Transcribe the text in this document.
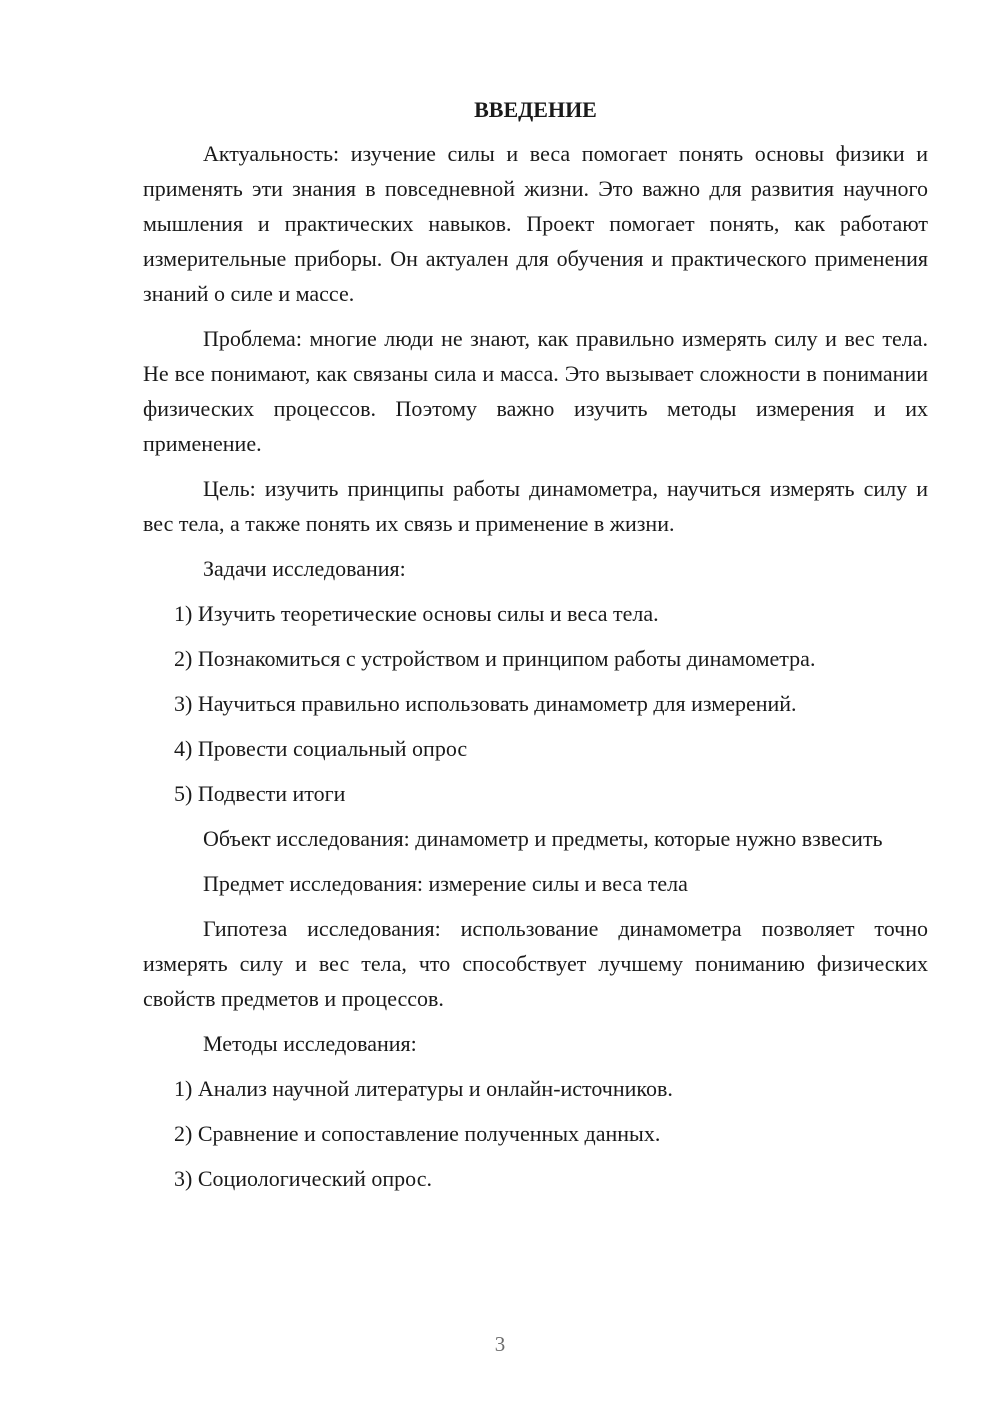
ВВЕДЕНИЕ
Актуальность: изучение силы и веса помогает понять основы физики и применять эти знания в повседневной жизни. Это важно для развития научного мышления и практических навыков. Проект помогает понять, как работают измерительные приборы. Он актуален для обучения и практического применения знаний о силе и массе.
Проблема: многие люди не знают, как правильно измерять силу и вес тела. Не все понимают, как связаны сила и масса. Это вызывает сложности в понимании физических процессов. Поэтому важно изучить методы измерения и их применение.
Цель: изучить принципы работы динамометра, научиться измерять силу и вес тела, а также понять их связь и применение в жизни.
Задачи исследования:
1) Изучить теоретические основы силы и веса тела.
2) Познакомиться с устройством и принципом работы динамометра.
3) Научиться правильно использовать динамометр для измерений.
4) Провести социальный опрос
5) Подвести итоги
Объект исследования: динамометр и предметы, которые нужно взвесить
Предмет исследования: измерение силы и веса тела
Гипотеза исследования: использование динамометра позволяет точно измерять силу и вес тела, что способствует лучшему пониманию физических свойств предметов и процессов.
Методы исследования:
1) Анализ научной литературы и онлайн-источников.
2) Сравнение и сопоставление полученных данных.
3) Социологический опрос.
3
